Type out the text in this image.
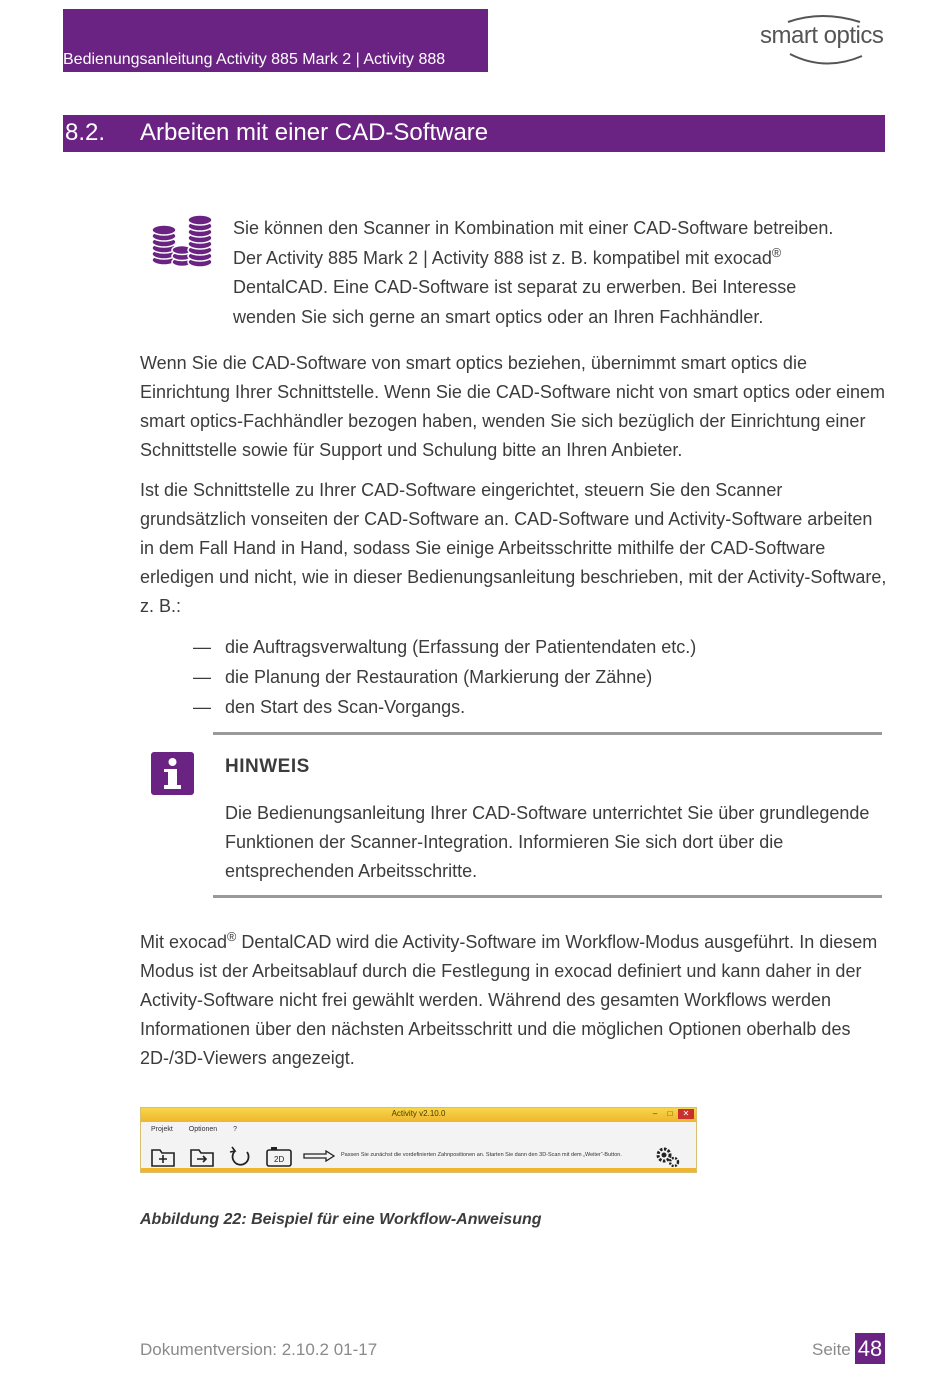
Bedienungsanleitung Activity 885 Mark 2 | Activity 888
smart optics
8.2. Arbeiten mit einer CAD-Software
Sie können den Scanner in Kombination mit einer CAD-Software betreiben.
Der Activity 885 Mark 2 | Activity 888 ist z. B. kompatibel mit exocad®
DentalCAD. Eine CAD-Software ist separat zu erwerben. Bei Interesse
wenden Sie sich gerne an smart optics oder an Ihren Fachhändler.
Wenn Sie die CAD-Software von smart optics beziehen, übernimmt smart optics die Einrichtung Ihrer Schnittstelle. Wenn Sie die CAD-Software nicht von smart optics oder einem smart optics-Fachhändler bezogen haben, wenden Sie sich bezüglich der Einrichtung einer Schnittstelle sowie für Support und Schulung bitte an Ihren Anbieter.
Ist die Schnittstelle zu Ihrer CAD-Software eingerichtet, steuern Sie den Scanner grundsätzlich vonseiten der CAD-Software an. CAD-Software und Activity-Software arbeiten in dem Fall Hand in Hand, sodass Sie einige Arbeitsschritte mithilfe der CAD-Software erledigen und nicht, wie in dieser Bedienungsanleitung beschrieben, mit der Activity-Software, z. B.:
— die Auftragsverwaltung (Erfassung der Patientendaten etc.)
— die Planung der Restauration (Markierung der Zähne)
— den Start des Scan-Vorgangs.
HINWEIS
Die Bedienungsanleitung Ihrer CAD-Software unterrichtet Sie über grundlegende Funktionen der Scanner-Integration. Informieren Sie sich dort über die entsprechenden Arbeitsschritte.
Mit exocad® DentalCAD wird die Activity-Software im Workflow-Modus ausgeführt. In diesem Modus ist der Arbeitsablauf durch die Festlegung in exocad definiert und kann daher in der Activity-Software nicht frei gewählt werden. Während des gesamten Workflows werden Informationen über den nächsten Arbeitsschritt und die möglichen Optionen oberhalb des 2D-/3D-Viewers angezeigt.
Activity v2.10.0	–	□	✕
Projekt Optionen ?
2D	Passen Sie zunächst die vordefinierten Zahnpositionen an. Starten Sie dann den 3D-Scan mit dem „Weiter“-Button.
Abbildung 22: Beispiel für eine Workflow-Anweisung
Dokumentversion: 2.10.2 01-17	Seite 48
